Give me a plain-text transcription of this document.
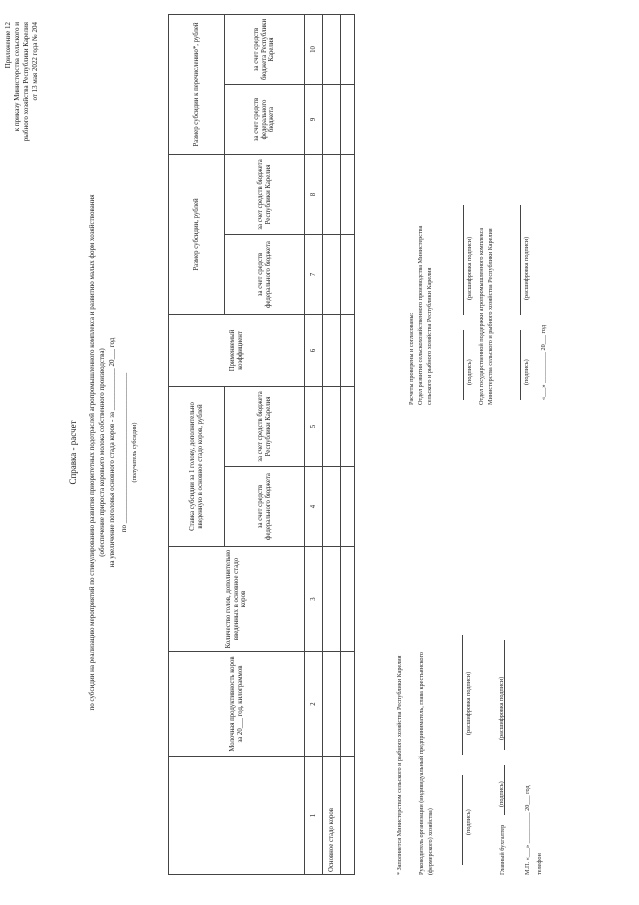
Приложение 12 к приказу Министерства сельского и рыбного хозяйства Республики Карелия от 13 мая 2022 года № 204
Справка - расчет по субсидии на реализацию мероприятий по стимулированию развития приоритетных подотраслей агропромышленного комплекса и развитию малых форм хозяйствования (обеспечение прироста коровьего молока собственного производства) на увеличение поголовья основного стада коров - за ____________ 20___ год по ___________________________________________ (получатель субсидии)
	Молочная продуктивность коров за 20___ год, килограммов	Количество голов, дополнительно введенных в основное стадо коров	Ставка субсидии за 1 голову, дополнительно введенную в основное стадо коров, рублей		Применяемый коэффициент	Размер субсидии, рублей		Размер субсидии к перечислению*, рублей	
			за счет средств федерального бюджета	за счет средств бюджета Республики Карелия		за счет средств федерального бюджета	за счет средств бюджета Республики Карелия	за счет средств федерального бюджета	за счет средств бюджета Республики Карелия
1	2	3	4	5	6	7	8	9	10
Основное стадо коров									
										* Заполняется Министерством сельского и рыбного хозяйства Республики Карелия Руководитель организации (индивидуальный предприниматель, глава крестьянского (фермерского) хозяйства)	(подпись)
(расшифровка подписи)
Главный бухгалтер
(подпись)
(расшифровка подписи)
М.П. «___» __________ 20___ год телефон
Расчеты проверены и согласованы: Отдел развития сельскохозяйственного производства Министерства сельского и рыбного хозяйства Республики Карелия	(подпись)
(расшифровка подписи) Отдел государственной поддержки агропромышленного комплекса Министерства сельского и рыбного хозяйства Республики Карелия	(подпись)
(расшифровка подписи)
«___» __________ 20___ год
